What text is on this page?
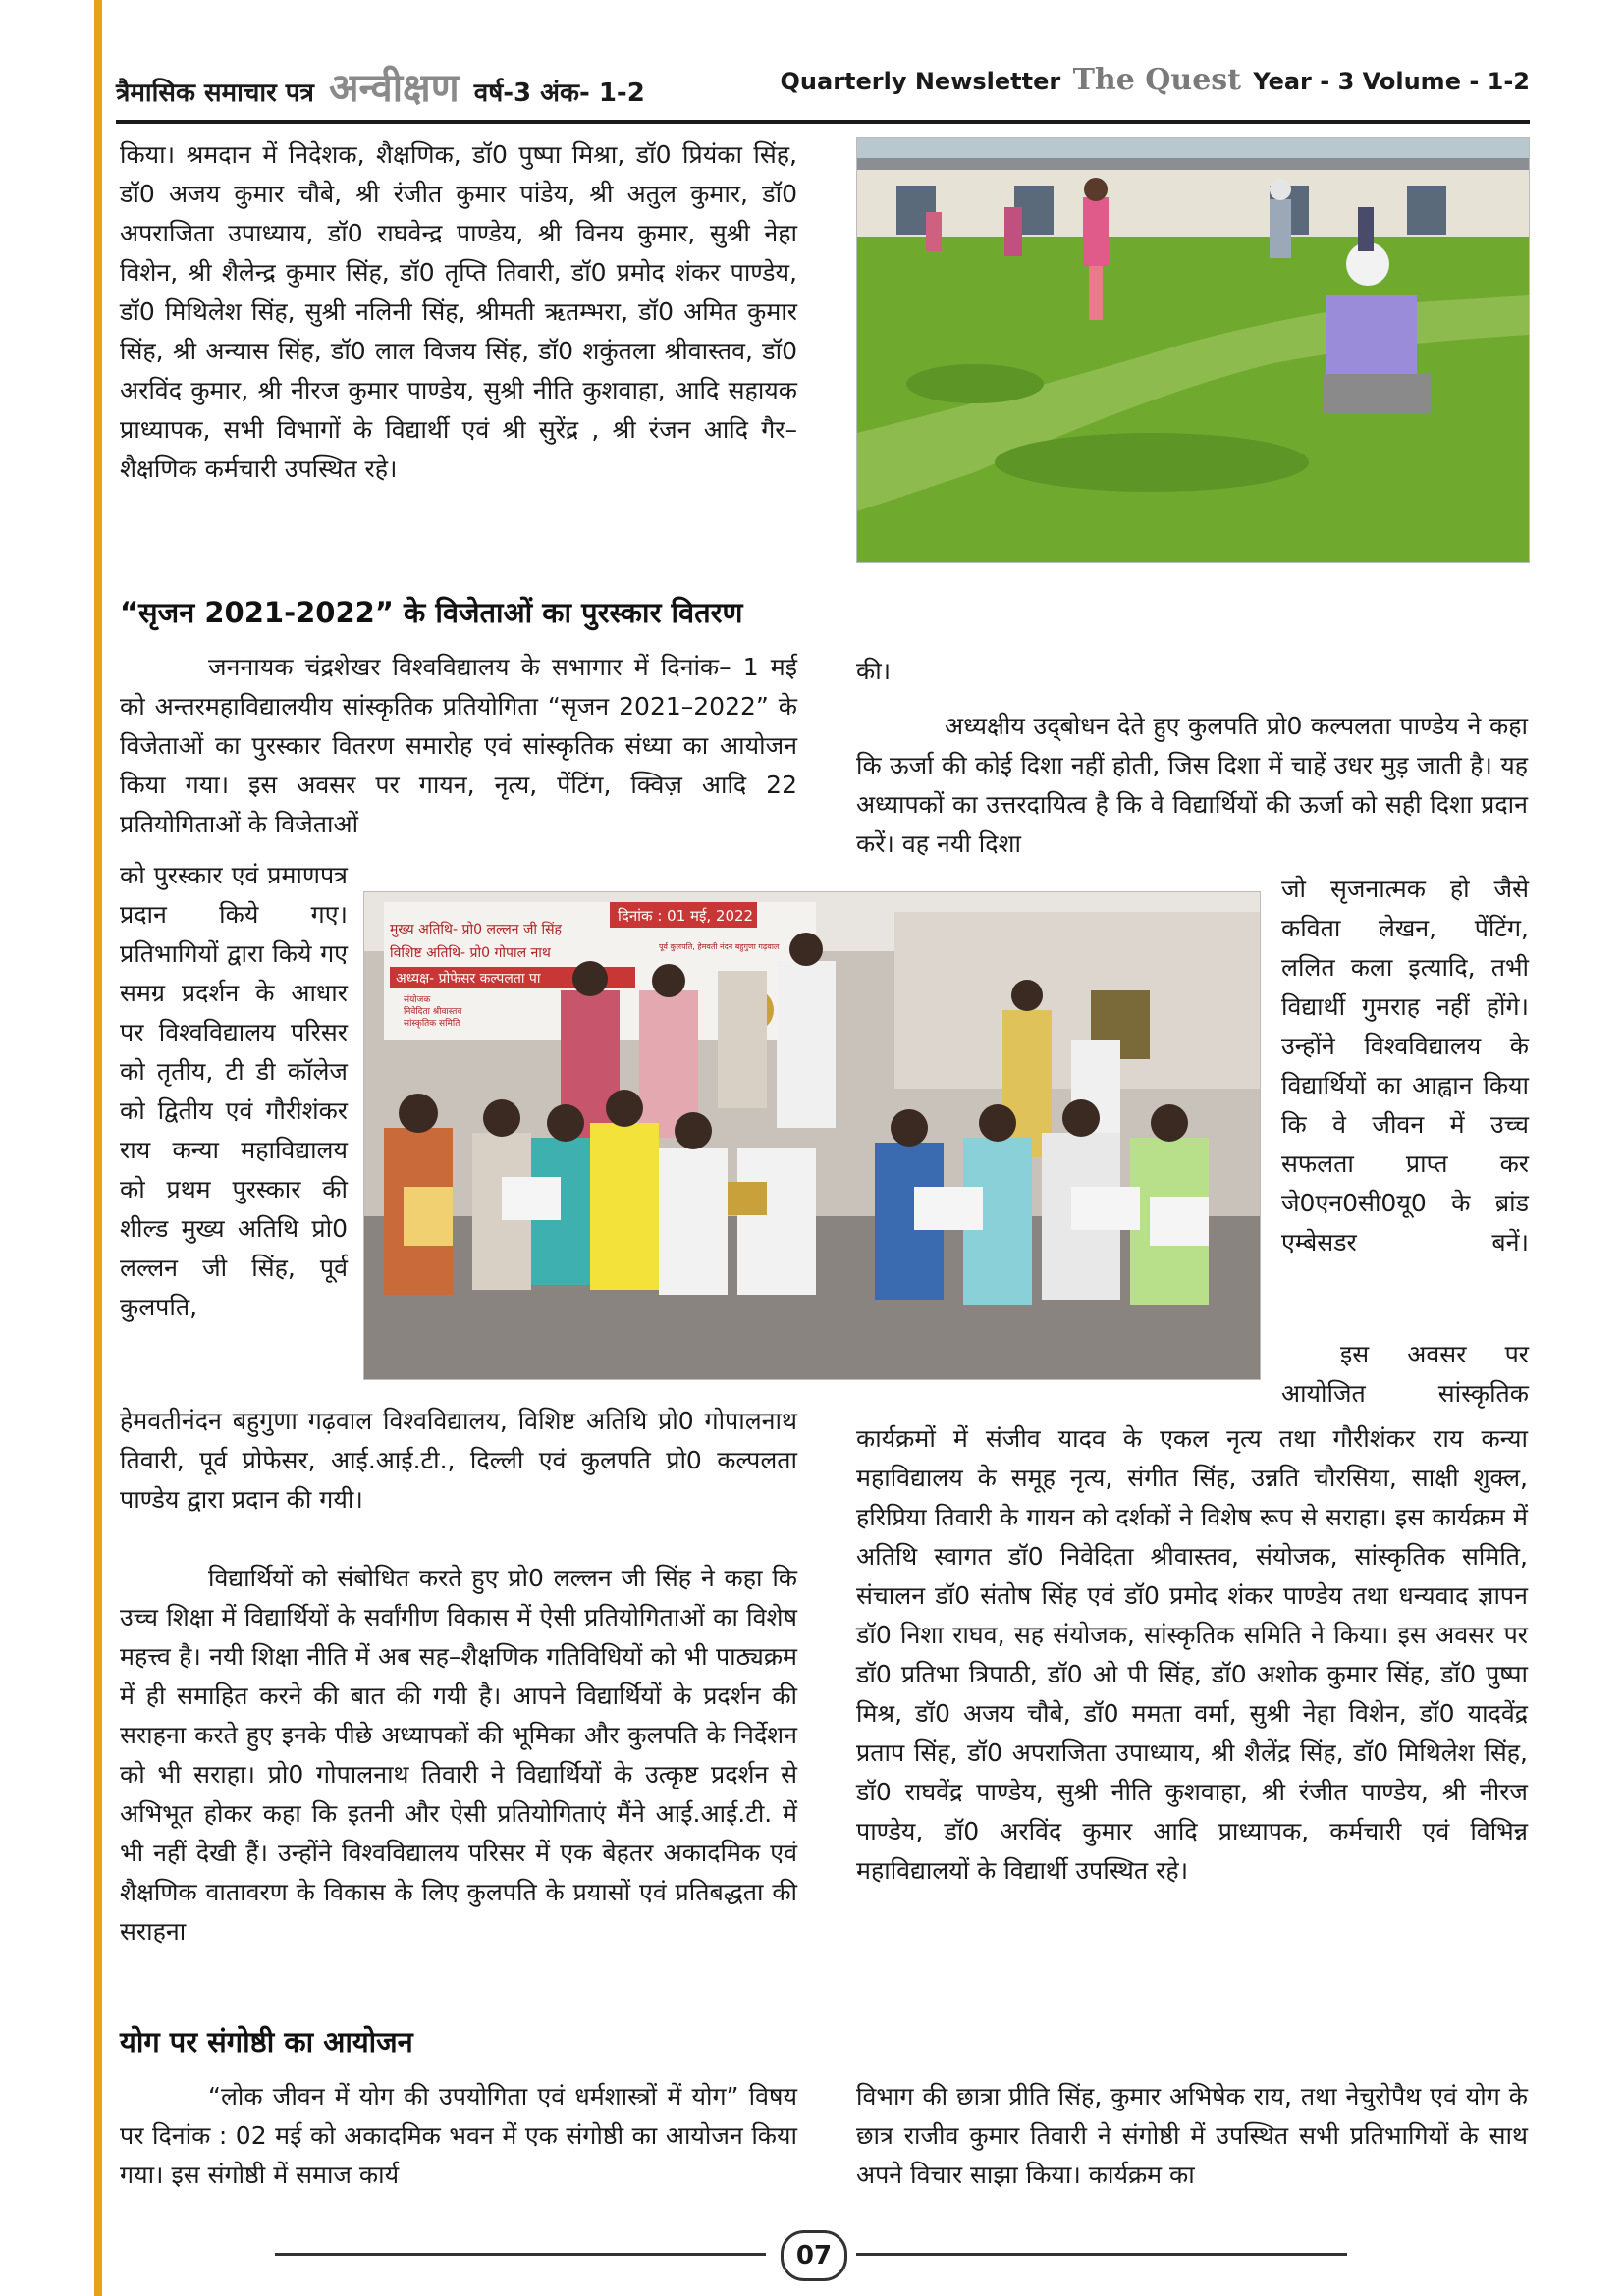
त्रैमासिक समाचार पत्र अन्वीक्षण वर्ष-3 अंक- 1-2	Quarterly Newsletter The Quest Year - 3 Volume - 1-2

किया। श्रमदान में निदेशक, शैक्षणिक, डॉ0 पुष्पा मिश्रा, डॉ0 प्रियंका सिंह, डॉ0 अजय कुमार चौबे, श्री रंजीत कुमार पांडेय, श्री अतुल कुमार, डॉ0 अपराजिता उपाध्याय, डॉ0 राघवेन्द्र पाण्डेय, श्री विनय कुमार, सुश्री नेहा विशेन, श्री शैलेन्द्र कुमार सिंह, डॉ0 तृप्ति तिवारी, डॉ0 प्रमोद शंकर पाण्डेय, डॉ0 मिथिलेश सिंह, सुश्री नलिनी सिंह, श्रीमती ऋतम्भरा, डॉ0 अमित कुमार सिंह, श्री अन्यास सिंह, डॉ0 लाल विजय सिंह, डॉ0 शकुंतला श्रीवास्तव, डॉ0 अरविंद कुमार, श्री नीरज कुमार पाण्डेय, सुश्री नीति कुशवाहा, आदि सहायक प्राध्यापक, सभी विभागों के विद्यार्थी एवं श्री सुरेंद्र , श्री रंजन आदि गैर–शैक्षणिक कर्मचारी उपस्थित रहे।

“सृजन 2021-2022” के विजेताओं का पुरस्कार वितरण

जननायक चंद्रशेखर विश्वविद्यालय के सभागार में दिनांक– 1 मई को अन्तरमहाविद्यालयीय सांस्कृतिक प्रतियोगिता “सृजन 2021–2022” के विजेताओं का पुरस्कार वितरण समारोह एवं सांस्कृतिक संध्या का आयोजन किया गया। इस अवसर पर गायन, नृत्य, पेंटिंग, क्विज़ आदि 22 प्रतियोगिताओं के विजेताओं

को पुरस्कार एवं प्रमाणपत्र प्रदान किये गए। प्रतिभागियों द्वारा किये गए समग्र प्रदर्शन के आधार पर विश्वविद्यालय परिसर को तृतीय, टी डी कॉलेज को द्वितीय एवं गौरीशंकर राय कन्या महाविद्यालय को प्रथम पुरस्कार की शील्ड मुख्य अतिथि प्रो0 लल्लन जी सिंह, पूर्व कुलपति,

दिनांक : 01 मई, 2022
मुख्य अतिथि- प्रो0 लल्लन जी सिंह
पूर्व कुलपति, हेमवती नंदन बहुगुणा गढ़वाल
विशिष्ट अतिथि- प्रो0 गोपाल नाथ
अध्यक्ष- प्रोफेसर कल्पलता पा
संयोजक
निवेदिता श्रीवास्तव
सांस्कृतिक समिति

हेमवतीनंदन बहुगुणा गढ़वाल विश्वविद्यालय, विशिष्ट अतिथि प्रो0 गोपालनाथ तिवारी, पूर्व प्रोफेसर, आई.आई.टी., दिल्ली एवं कुलपति प्रो0 कल्पलता पाण्डेय द्वारा प्रदान की गयी।

विद्यार्थियों को संबोधित करते हुए प्रो0 लल्लन जी सिंह ने कहा कि उच्च शिक्षा में विद्यार्थियों के सर्वांगीण विकास में ऐसी प्रतियोगिताओं का विशेष महत्त्व है। नयी शिक्षा नीति में अब सह–शैक्षणिक गतिविधियों को भी पाठ्यक्रम में ही समाहित करने की बात की गयी है। आपने विद्यार्थियों के प्रदर्शन की सराहना करते हुए इनके पीछे अध्यापकों की भूमिका और कुलपति के निर्देशन को भी सराहा। प्रो0 गोपालनाथ तिवारी ने विद्यार्थियों के उत्कृष्ट प्रदर्शन से अभिभूत होकर कहा कि इतनी और ऐसी प्रतियोगिताएं मैंने आई.आई.टी. में भी नहीं देखी हैं। उन्होंने विश्वविद्यालय परिसर में एक बेहतर अकादमिक एवं शैक्षणिक वातावरण के विकास के लिए कुलपति के प्रयासों एवं प्रतिबद्धता की सराहना

योग पर संगोष्ठी का आयोजन

“लोक जीवन में योग की उपयोगिता एवं धर्मशास्त्रों में योग” विषय पर दिनांक : 02 मई को अकादमिक भवन में एक संगोष्ठी का आयोजन किया गया। इस संगोष्ठी में समाज कार्य

की।

अध्यक्षीय उद्‌बोधन देते हुए कुलपति प्रो0 कल्पलता पाण्डेय ने कहा कि ऊर्जा की कोई दिशा नहीं होती, जिस दिशा में चाहें उधर मुड़ जाती है। यह अध्यापकों का उत्तरदायित्व है कि वे विद्यार्थियों की ऊर्जा को सही दिशा प्रदान करें। वह नयी दिशा

जो सृजनात्मक हो जैसे कविता लेखन, पेंटिंग, ललित कला इत्यादि, तभी विद्यार्थी गुमराह नहीं होंगे। उन्होंने विश्वविद्यालय के विद्यार्थियों का आह्वान किया कि वे जीवन में उच्च सफलता प्राप्त कर जे0एन0सी0यू0 के ब्रांड एम्बेसडर बनें।

इस अवसर पर आयोजित सांस्कृतिक

कार्यक्रमों में संजीव यादव के एकल नृत्य तथा गौरीशंकर राय कन्या महाविद्यालय के समूह नृत्य, संगीत सिंह, उन्नति चौरसिया, साक्षी शुक्ल, हरिप्रिया तिवारी के गायन को दर्शकों ने विशेष रूप से सराहा। इस कार्यक्रम में अतिथि स्वागत डॉ0 निवेदिता श्रीवास्तव, संयोजक, सांस्कृतिक समिति, संचालन डॉ0 संतोष सिंह एवं डॉ0 प्रमोद शंकर पाण्डेय तथा धन्यवाद ज्ञापन डॉ0 निशा राघव, सह संयोजक, सांस्कृतिक समिति ने किया। इस अवसर पर डॉ0 प्रतिभा त्रिपाठी, डॉ0 ओ पी सिंह, डॉ0 अशोक कुमार सिंह, डॉ0 पुष्पा मिश्र, डॉ0 अजय चौबे, डॉ0 ममता वर्मा, सुश्री नेहा विशेन, डॉ0 यादवेंद्र प्रताप सिंह, डॉ0 अपराजिता उपाध्याय, श्री शैलेंद्र सिंह, डॉ0 मिथिलेश सिंह, डॉ0 राघवेंद्र पाण्डेय, सुश्री नीति कुशवाहा, श्री रंजीत पाण्डेय, श्री नीरज पाण्डेय, डॉ0 अरविंद कुमार आदि प्राध्यापक, कर्मचारी एवं विभिन्न महाविद्यालयों के विद्यार्थी उपस्थित रहे।

विभाग की छात्रा प्रीति सिंह, कुमार अभिषेक राय, तथा नेचुरोपैथ एवं योग के छात्र राजीव कुमार तिवारी ने संगोष्ठी में उपस्थित सभी प्रतिभागियों के साथ अपने विचार साझा किया। कार्यक्रम का

07
